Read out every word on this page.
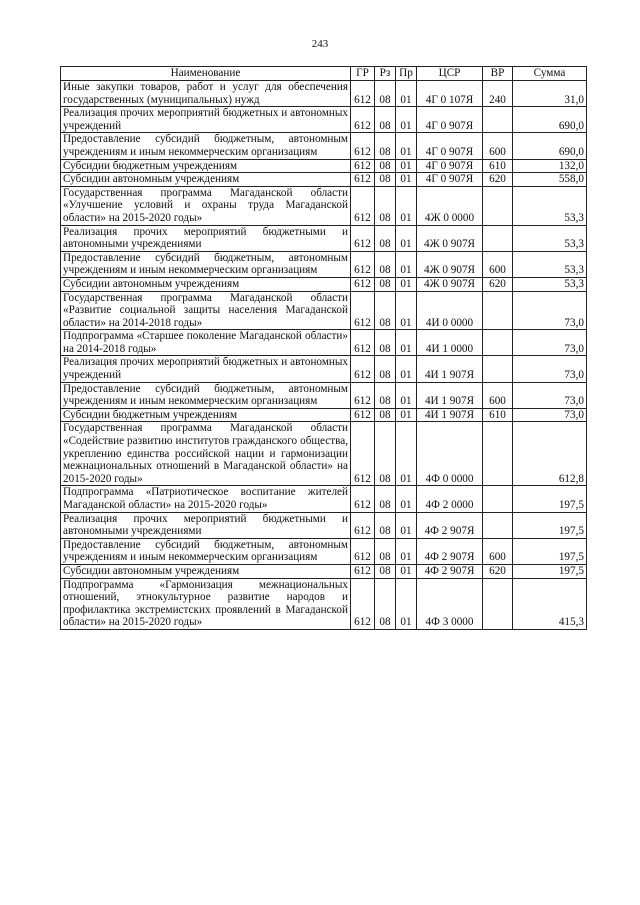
243
Наименование	ГР	Рз	Пр	ЦСР	ВР	Сумма
Иные закупки товаров, работ и услуг для обеспечения государственных (муниципальных) нужд	612	08	01	4Г 0 107Я	240	31,0
Реализация прочих мероприятий бюджетных и автономных учреждений	612	08	01	4Г 0 907Я		690,0
Предоставление субсидий бюджетным, автономным учреждениям и иным некоммерческим организациям	612	08	01	4Г 0 907Я	600	690,0
Субсидии бюджетным учреждениям	612	08	01	4Г 0 907Я	610	132,0
Субсидии автономным учреждениям	612	08	01	4Г 0 907Я	620	558,0
Государственная программа Магаданской области «Улучшение условий и охраны труда Магаданской области» на 2015-2020 годы»	612	08	01	4Ж 0 0000		53,3
Реализация прочих мероприятий бюджетными и автономными учреждениями	612	08	01	4Ж 0 907Я		53,3
Предоставление субсидий бюджетным, автономным учреждениям и иным некоммерческим организациям	612	08	01	4Ж 0 907Я	600	53,3
Субсидии автономным учреждениям	612	08	01	4Ж 0 907Я	620	53,3
Государственная программа Магаданской области «Развитие социальной защиты населения Магаданской области» на 2014-2018 годы»	612	08	01	4И 0 0000		73,0
Подпрограмма «Старшее поколение Магаданской области» на 2014-2018 годы»	612	08	01	4И 1 0000		73,0
Реализация прочих мероприятий бюджетных и автономных учреждений	612	08	01	4И 1 907Я		73,0
Предоставление субсидий бюджетным, автономным учреждениям и иным некоммерческим организациям	612	08	01	4И 1 907Я	600	73,0
Субсидии бюджетным учреждениям	612	08	01	4И 1 907Я	610	73,0
Государственная программа Магаданской области «Содействие развитию институтов гражданского общества, укреплению единства российской нации и гармонизации межнациональных отношений в Магаданской области» на 2015-2020 годы»	612	08	01	4Ф 0 0000		612,8
Подпрограмма «Патриотическое воспитание жителей Магаданской области» на 2015-2020 годы»	612	08	01	4Ф 2 0000		197,5
Реализация прочих мероприятий бюджетными и автономными учреждениями	612	08	01	4Ф 2 907Я		197,5
Предоставление субсидий бюджетным, автономным учреждениям и иным некоммерческим организациям	612	08	01	4Ф 2 907Я	600	197,5
Субсидии автономным учреждениям	612	08	01	4Ф 2 907Я	620	197,5
Подпрограмма «Гармонизация межнациональных отношений, этнокультурное развитие народов и профилактика экстремистских проявлений в Магаданской области» на 2015-2020 годы»	612	08	01	4Ф 3 0000		415,3
